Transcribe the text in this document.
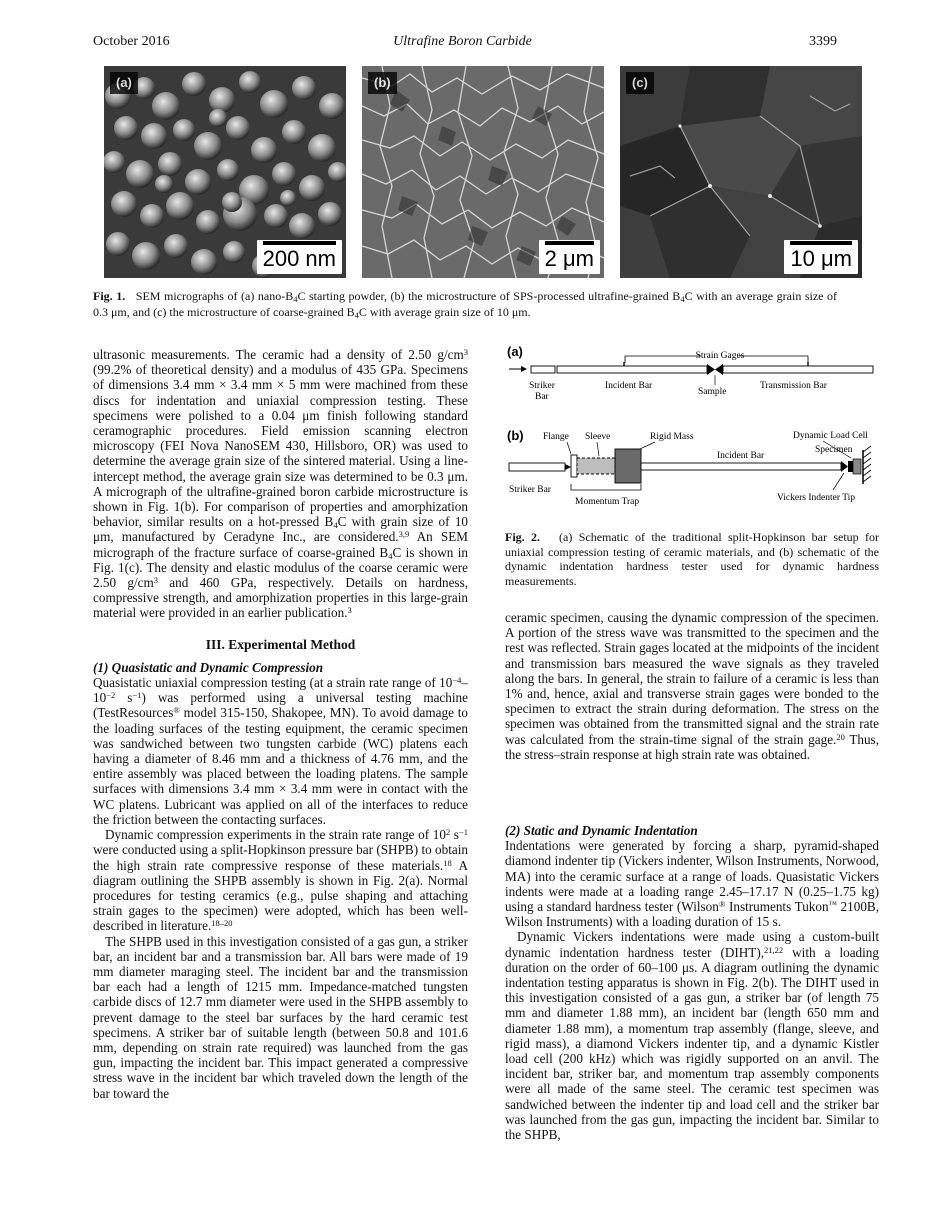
October 2016	Ultrafine Boron Carbide	3399
(a)
200 nm
(b)
2 μm
(c)
10 μm
Fig. 1. SEM micrographs of (a) nano-$B_4C$ starting powder, (b) the microstructure of SPS-processed ultrafine-grained $B_4C$ with an average grain size of 0.3 μm, and (c) the microstructure of coarse-grained $B_4C$ with average grain size of 10 μm.

ultrasonic measurements. The ceramic had a density of 2.50 $g/cm^3$ (99.2% of theoretical density) and a modulus of 435 GPa. Specimens of dimensions 3.4 mm × 3.4 mm × 5 mm were machined from these discs for indentation and uniaxial compression testing. These specimens were polished to a 0.04 μm finish following standard ceramographic procedures. Field emission scanning electron microscopy (FEI Nova NanoSEM 430, Hillsboro, OR) was used to determine the average grain size of the sintered material. Using a line-intercept method, the average grain size was determined to be 0.3 μm. A micrograph of the ultrafine-grained boron carbide microstructure is shown in Fig. 1(b). For comparison of properties and amorphization behavior, similar results on a hot-pressed $B_4C$ with grain size of 10 μm, manufactured by Ceradyne Inc., are considered.$^{3,9}$ An SEM micrograph of the fracture surface of coarse-grained $B_4C$ is shown in Fig. 1(c). The density and elastic modulus of the coarse ceramic were 2.50 $g/cm^3$ and 460 GPa, respectively. Details on hardness, compressive strength, and amorphization properties in this large-grain material were provided in an earlier publication.$^3$

III. Experimental Method

(1) Quasistatic and Dynamic Compression

Quasistatic uniaxial compression testing (at a strain rate range of $10^{-4}-10^{-2}$ $s^{-1}$) was performed using a universal testing machine (TestResources® model 315-150, Shakopee, MN). To avoid damage to the loading surfaces of the testing equipment, the ceramic specimen was sandwiched between two tungsten carbide (WC) platens each having a diameter of 8.46 mm and a thickness of 4.76 mm, and the entire assembly was placed between the loading platens. The sample surfaces with dimensions 3.4 mm × 3.4 mm were in contact with the WC platens. Lubricant was applied on all of the interfaces to reduce the friction between the contacting surfaces.

Dynamic compression experiments in the strain rate range of $10^2$ $s^{-1}$ were conducted using a split-Hopkinson pressure bar (SHPB) to obtain the high strain rate compressive response of these materials.$^{18}$ A diagram outlining the SHPB assembly is shown in Fig. 2(a). Normal procedures for testing ceramics (e.g., pulse shaping and attaching strain gages to the specimen) were adopted, which has been well-described in literature.$^{18-20}$

The SHPB used in this investigation consisted of a gas gun, a striker bar, an incident bar and a transmission bar. All bars were made of 19 mm diameter maraging steel. The incident bar and the transmission bar each had a length of 1215 mm. Impedance-matched tungsten carbide discs of 12.7 mm diameter were used in the SHPB assembly to prevent damage to the steel bar surfaces by the hard ceramic test specimens. A striker bar of suitable length (between 50.8 and 101.6 mm, depending on strain rate required) was launched from the gas gun, impacting the incident bar. This impact generated a compressive stress wave in the incident bar which traveled down the length of the bar toward the

(a)	Strain Gages
Striker
Bar
Incident Bar
Sample
Transmission Bar
(b) Flange Sleeve	Rigid Mass	Dynamic Load Cell
Specimen
Incident Bar
Striker Bar
Momentum Trap	Vickers Indenter Tip
Fig. 2. (a) Schematic of the traditional split-Hopkinson bar setup for uniaxial compression testing of ceramic materials, and (b) schematic of the dynamic indentation hardness tester used for dynamic hardness measurements.

ceramic specimen, causing the dynamic compression of the specimen. A portion of the stress wave was transmitted to the specimen and the rest was reflected. Strain gages located at the midpoints of the incident and transmission bars measured the wave signals as they traveled along the bars. In general, the strain to failure of a ceramic is less than 1% and, hence, axial and transverse strain gages were bonded to the specimen to extract the strain during deformation. The stress on the specimen was obtained from the transmitted signal and the strain rate was calculated from the strain-time signal of the strain gage.$^{20}$ Thus, the stress–strain response at high strain rate was obtained.

(2) Static and Dynamic Indentation

Indentations were generated by forcing a sharp, pyramid-shaped diamond indenter tip (Vickers indenter, Wilson Instruments, Norwood, MA) into the ceramic surface at a range of loads. Quasistatic Vickers indents were made at a loading range 2.45–17.17 N (0.25–1.75 kg) using a standard hardness tester (Wilson® Instruments Tukon™ 2100B, Wilson Instruments) with a loading duration of 15 s.

Dynamic Vickers indentations were made using a custom-built dynamic indentation hardness tester (DIHT),$^{21,22}$ with a loading duration on the order of 60–100 μs. A diagram outlining the dynamic indentation testing apparatus is shown in Fig. 2(b). The DIHT used in this investigation consisted of a gas gun, a striker bar (of length 75 mm and diameter 1.88 mm), an incident bar (length 650 mm and diameter 1.88 mm), a momentum trap assembly (flange, sleeve, and rigid mass), a diamond Vickers indenter tip, and a dynamic Kistler load cell (200 kHz) which was rigidly supported on an anvil. The incident bar, striker bar, and momentum trap assembly components were all made of the same steel. The ceramic test specimen was sandwiched between the indenter tip and load cell and the striker bar was launched from the gas gun, impacting the incident bar. Similar to the SHPB,
